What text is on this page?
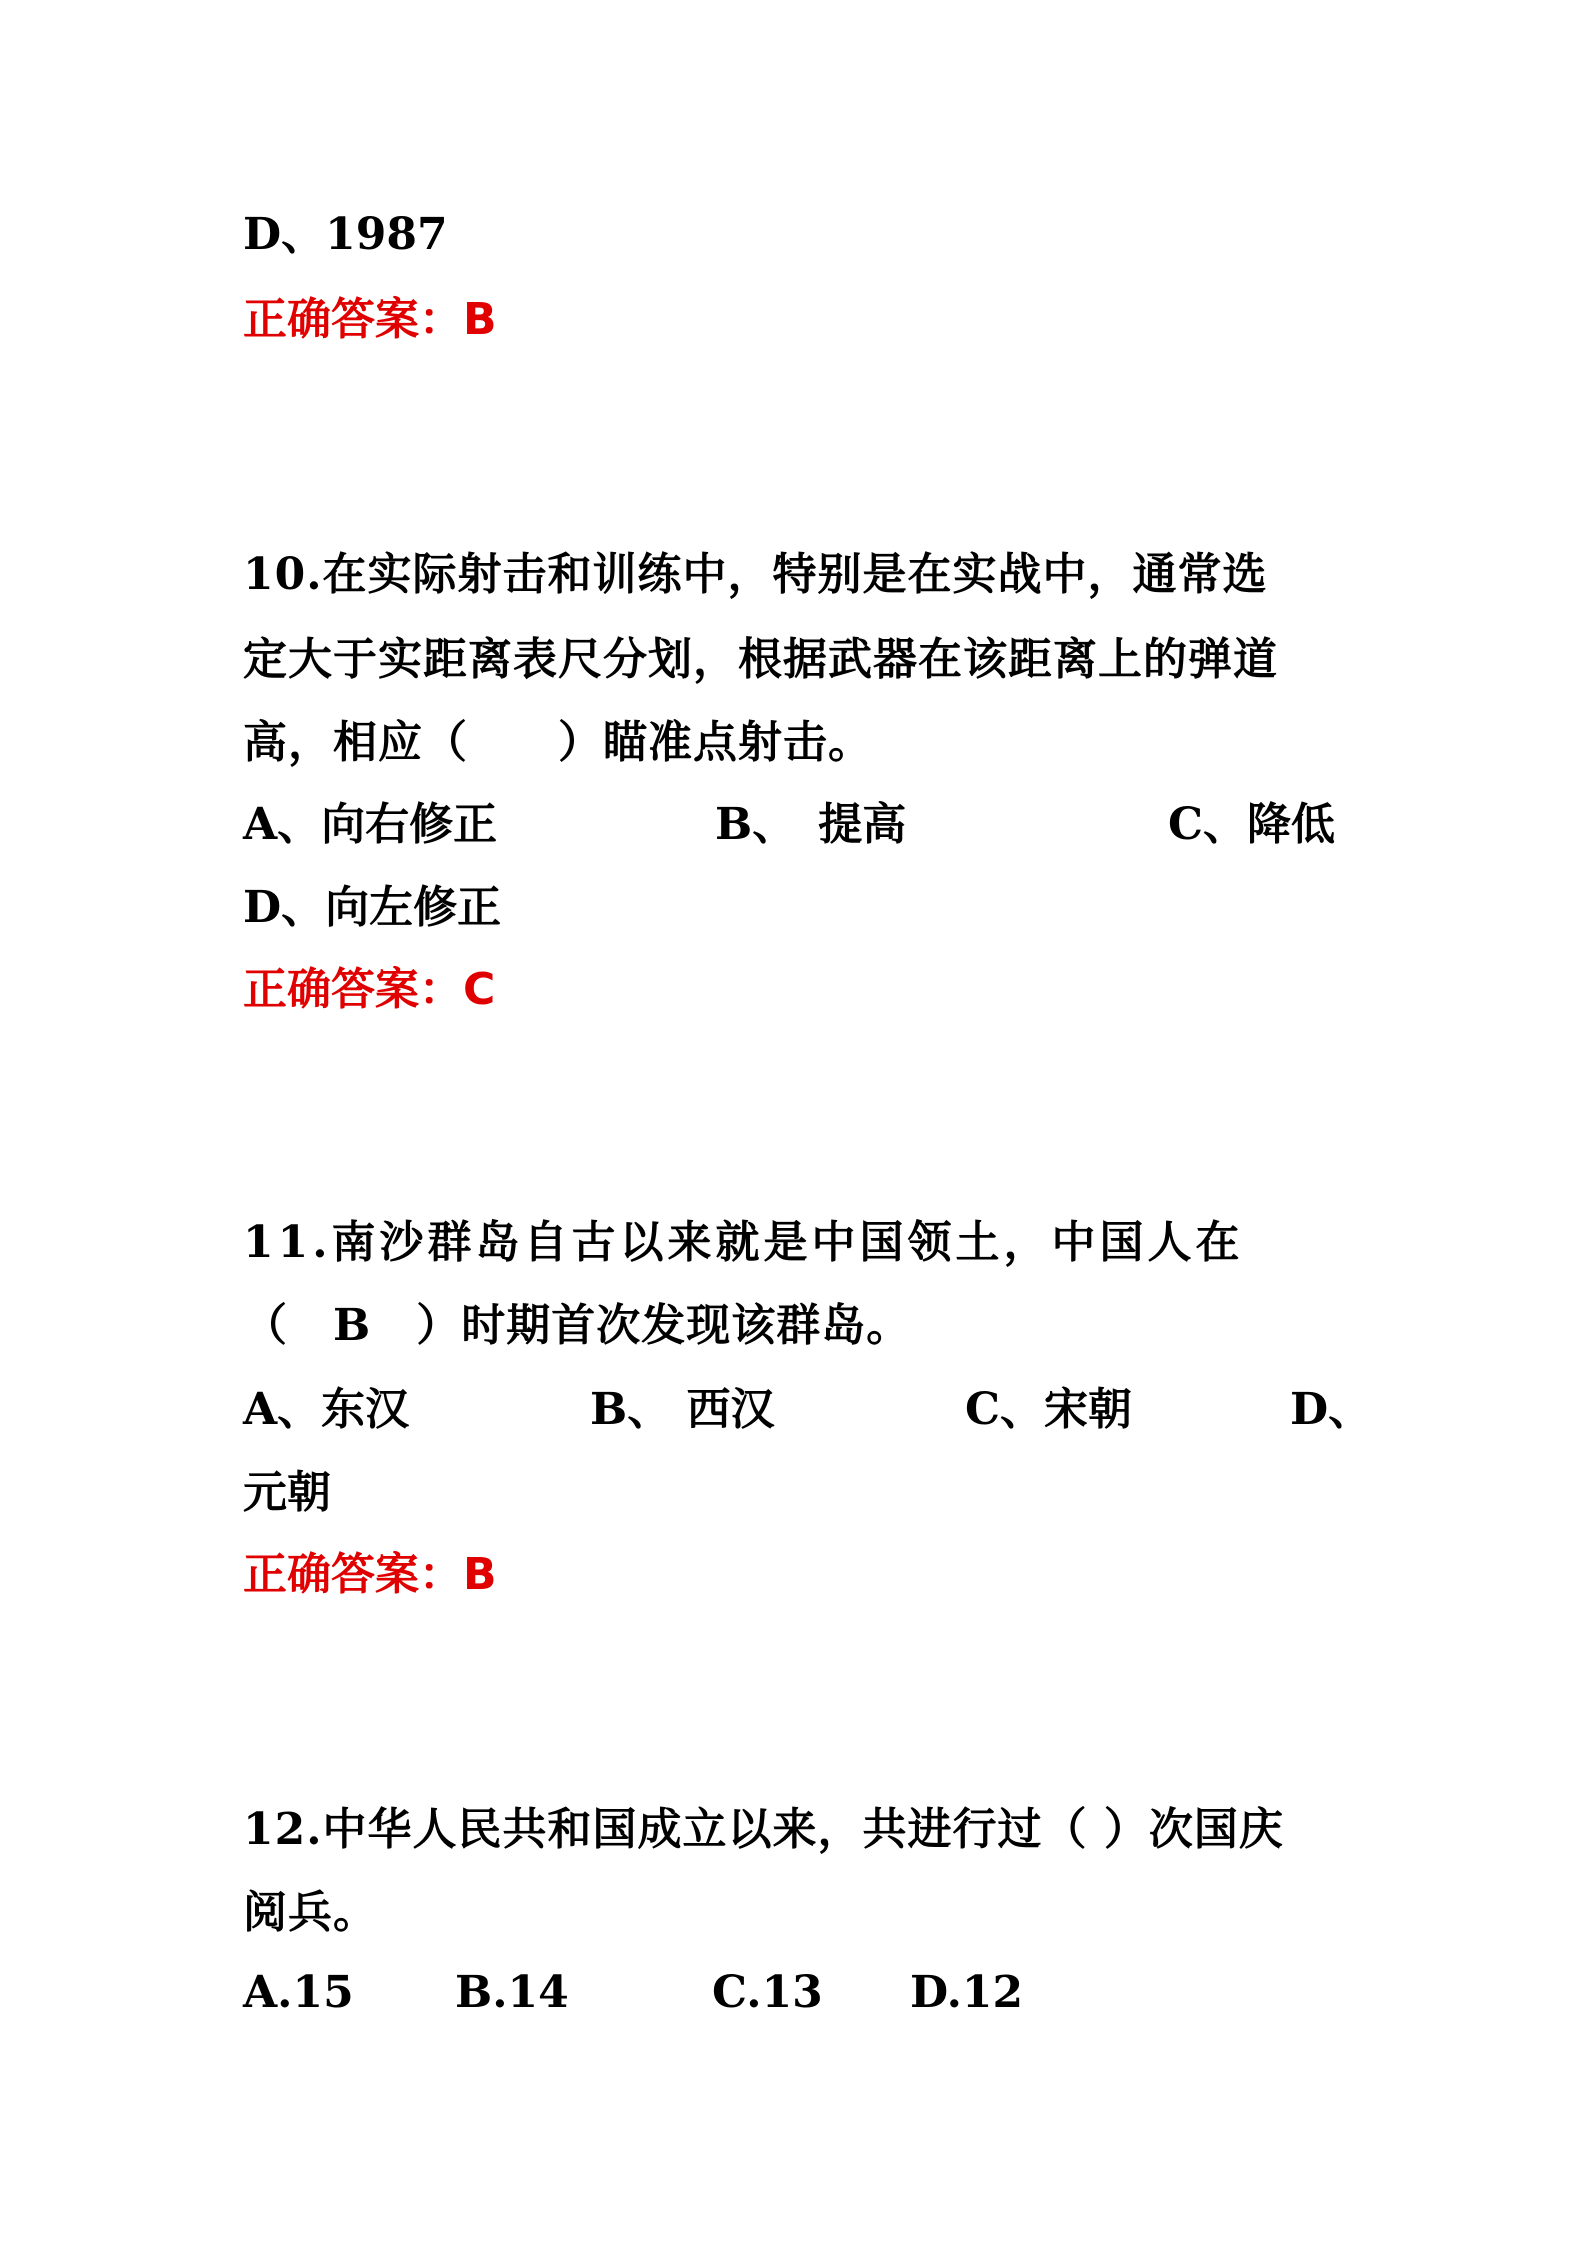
D、1987
正确答案：B
10.在实际射击和训练中，特别是在实战中，通常选
定大于实距离表尺分划，根据武器在该距离上的弹道
高，相应（　　）瞄准点射击。
A、向右修正	B、　提高	C、降低
D、向左修正
正确答案：C
11.南沙群岛自古以来就是中国领土，中国人在
（　B　）时期首次发现该群岛。
A、东汉	B、 西汉	C、宋朝	D、
元朝
正确答案：B
12.中华人民共和国成立以来，共进行过（ ）次国庆
阅兵。
A.15 B.14	C.13 D.12
